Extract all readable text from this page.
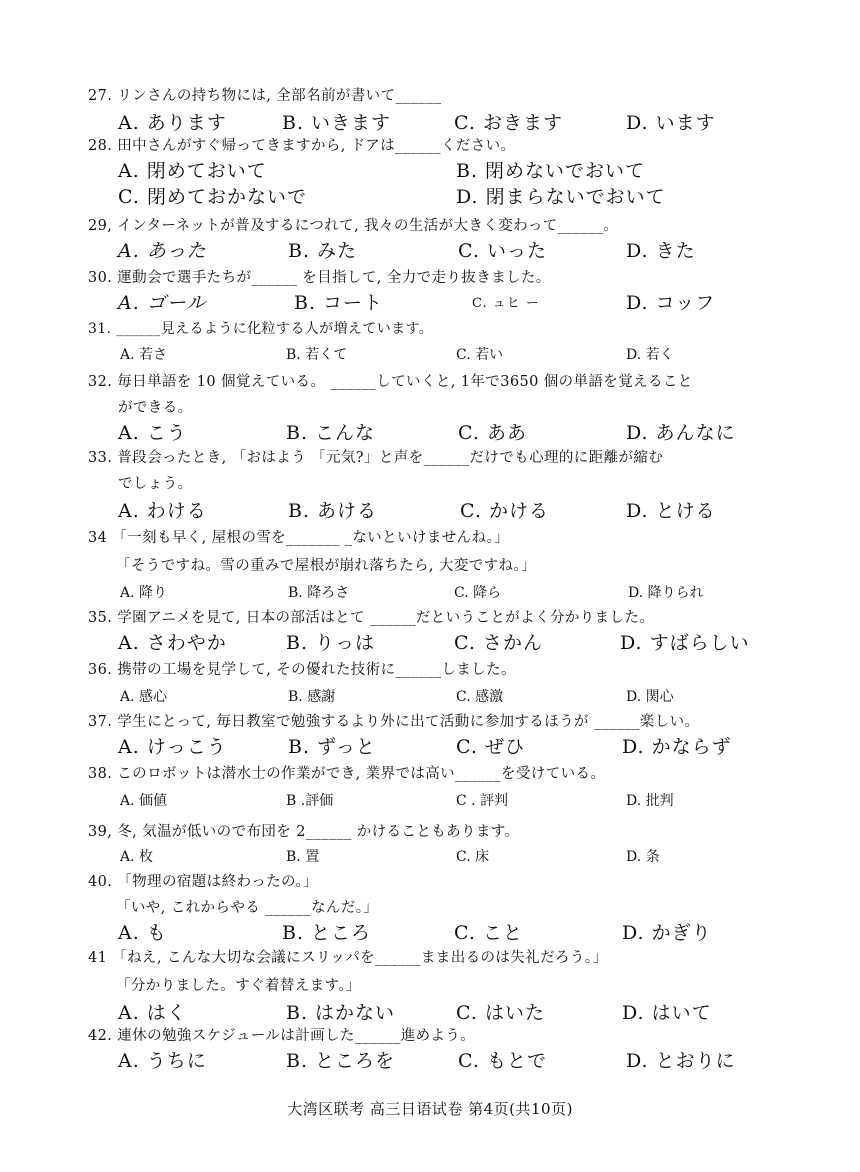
27. リンさんの持ち物には, 全部名前が書いて______
A. あります	B. いきます	C. おきます	D. います
28. 田中さんがすぐ帰ってきますから, ドアは______ください。
A. 閉めておいて	B. 閉めないでおいて
C. 閉めておかないで	D. 閉まらないでおいて
29, インターネットが普及するにつれて, 我々の生活が大きく変わって______。
A. あった	B. みた	C. いった	D. きた
30. 運動会で選手たちが______ を目指して, 全力で走り抜きました。
A. ゴール	B. コート	C. ュヒ ー	D. コッフ
31. ______見えるように化粒する人が増えています。
A. 若さ	B. 若くて	C. 若い	D. 若く
32. 毎日単語を 10 個覚えている。 ______していくと, 1年で3650 個の単語を覚えること
ができる。
A. こう	B. こんな	C. ああ	D. あんなに
33. 普段会ったとき, 「おはよう 「元気?」と声を______だけでも心理的に距離が縮む
でしょう。
A. わける	B. あける	C. かける	D. とける
34 「一刻も早く, 屋根の雪を_______ _ないといけませんね。」
「そうですね。雪の重みで屋根が崩れ落ちたら, 大変ですね。」
A. 降り	B. 降ろさ	C. 降ら	D. 降りられ
35. 学園アニメを見て, 日本の部活はとて ______だということがよく分かりました。
A. さわやか	B. りっは	C. さかん	D. すばらしい
36. 携帯の工場を見学して, その優れた技術に______しました。
A. 感心	B. 感謝	C. 感激	D. 関心
37. 学生にとって, 毎日教室で勉強するより外に出て活動に参加するほうが ______楽しい。
A. けっこう	B. ずっと	C. ぜひ	D. かならず
38. このロボットは潜水士の作業ができ, 業界では高い______を受けている。
A. 価値	B .評価	C . 評判	D. 批判
39, 冬, 気温が低いので布団を 2______ かけることもあります。
A. 枚	B. 置	C. 床	D. 条
40. 「物理の宿題は終わったの。」
「いや, これからやる ______なんだ。」
A. も	B. ところ	C. こと	D. かぎり
41 「ねえ, こんな大切な会議にスリッパを______まま出るのは失礼だろう。」
「分かりました。すぐ着替えます。」
A. はく	B. はかない	C. はいた	D. はいて
42. 連休の勉強スケジュールは計画した______進めよう。
A. うちに	B. ところを	C. もとで	D. とおりに
大湾区联考 高三日语试卷 第4页(共10页)
